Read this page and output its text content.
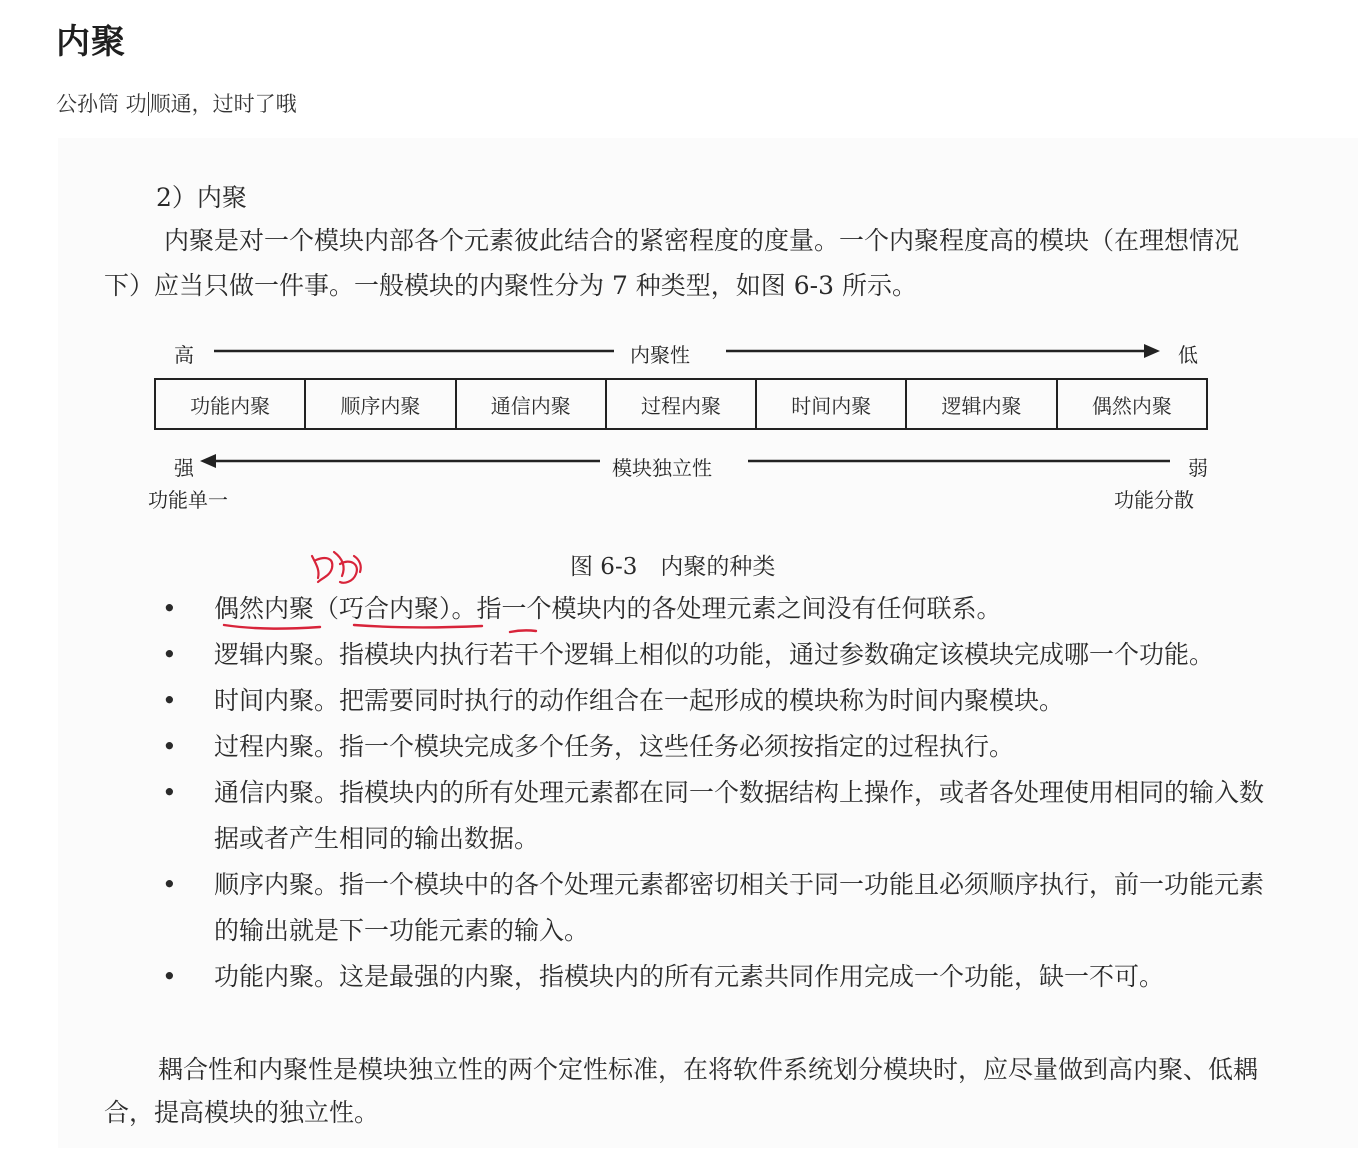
内聚
公孙筒 功 顺通，过时了哦
2）内聚
内聚是对一个模块内部各个元素彼此结合的紧密程度的度量。一个内聚程度高的模块（在理想情况下）应当只做一件事。一般模块的内聚性分为 7 种类型，如图 6-3 所示。
高	内聚性	低
功能内聚	顺序内聚	通信内聚	过程内聚	时间内聚	逻辑内聚	偶然内聚
强	模块独立性	弱
功能单一	功能分散
图 6-3　内聚的种类
• 偶然内聚（巧合内聚）。指一个模块内的各处理元素之间没有任何联系。
• 逻辑内聚。指模块内执行若干个逻辑上相似的功能，通过参数确定该模块完成哪一个功能。
• 时间内聚。把需要同时执行的动作组合在一起形成的模块称为时间内聚模块。
• 过程内聚。指一个模块完成多个任务，这些任务必须按指定的过程执行。
• 通信内聚。指模块内的所有处理元素都在同一个数据结构上操作，或者各处理使用相同的输入数据或者产生相同的输出数据。
• 顺序内聚。指一个模块中的各个处理元素都密切相关于同一功能且必须顺序执行，前一功能元素的输出就是下一功能元素的输入。
• 功能内聚。这是最强的内聚，指模块内的所有元素共同作用完成一个功能，缺一不可。
耦合性和内聚性是模块独立性的两个定性标准，在将软件系统划分模块时，应尽量做到高内聚、低耦合，提高模块的独立性。
